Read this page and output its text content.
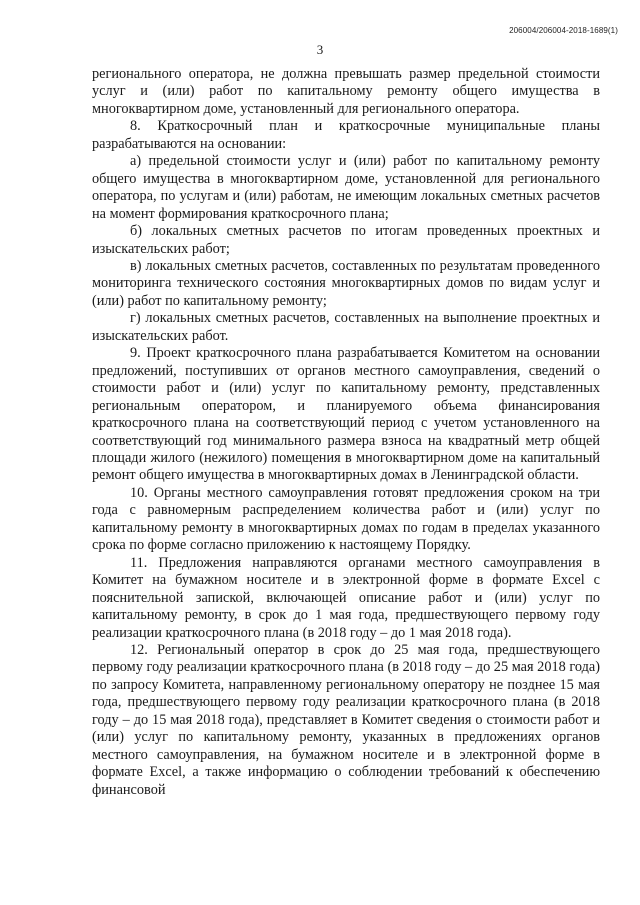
206004/206004-2018-1689(1)
3

регионального оператора, не должна превышать размер предельной стоимости услуг и (или) работ по капитальному ремонту общего имущества в многоквартирном доме, установленный для регионального оператора.

8. Краткосрочный план и краткосрочные муниципальные планы разрабатываются на основании:

а) предельной стоимости услуг и (или) работ по капитальному ремонту общего имущества в многоквартирном доме, установленной для регионального оператора, по услугам и (или) работам, не имеющим локальных сметных расчетов на момент формирования краткосрочного плана;

б) локальных сметных расчетов по итогам проведенных проектных и изыскательских работ;

в) локальных сметных расчетов, составленных по результатам проведенного мониторинга технического состояния многоквартирных домов по видам услуг и (или) работ по капитальному ремонту;

г) локальных сметных расчетов, составленных на выполнение проектных и изыскательских работ.

9. Проект краткосрочного плана разрабатывается Комитетом на основании предложений, поступивших от органов местного самоуправления, сведений о стоимости работ и (или) услуг по капитальному ремонту, представленных региональным оператором, и планируемого объема финансирования краткосрочного плана на соответствующий период с учетом установленного на соответствующий год минимального размера взноса на квадратный метр общей площади жилого (нежилого) помещения в многоквартирном доме на капитальный ремонт общего имущества в многоквартирных домах в Ленинградской области.

10. Органы местного самоуправления готовят предложения сроком на три года с равномерным распределением количества работ и (или) услуг по капитальному ремонту в многоквартирных домах по годам в пределах указанного срока по форме согласно приложению к настоящему Порядку.

11. Предложения направляются органами местного самоуправления в Комитет на бумажном носителе и в электронной форме в формате Excel с пояснительной запиской, включающей описание работ и (или) услуг по капитальному ремонту, в срок до 1 мая года, предшествующего первому году реализации краткосрочного плана (в 2018 году – до 1 мая 2018 года).

12. Региональный оператор в срок до 25 мая года, предшествующего первому году реализации краткосрочного плана (в 2018 году – до 25 мая 2018 года) по запросу Комитета, направленному региональному оператору не позднее 15 мая года, предшествующего первому году реализации краткосрочного плана (в 2018 году – до 15 мая 2018 года), представляет в Комитет сведения о стоимости работ и (или) услуг по капитальному ремонту, указанных в предложениях органов местного самоуправления, на бумажном носителе и в электронной форме в формате Excel, а также информацию о соблюдении требований к обеспечению финансовой
